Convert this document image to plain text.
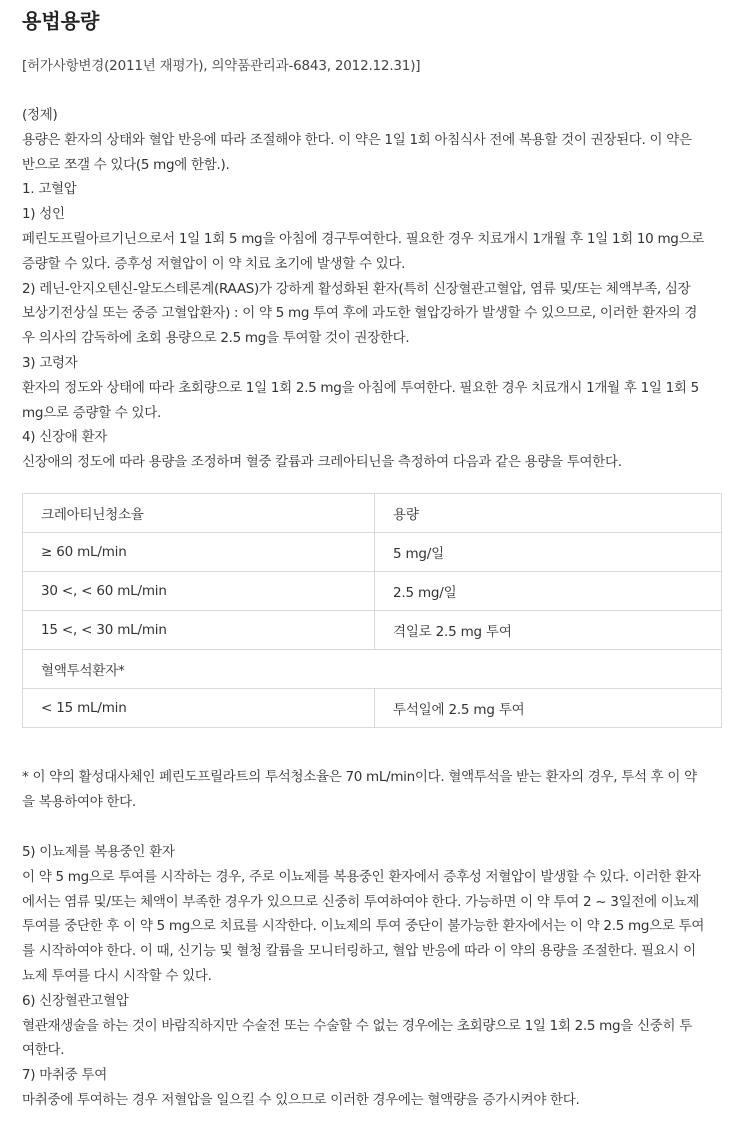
용법용량
[허가사항변경(2011년 재평가), 의약품관리과-6843, 2012.12.31)]
(정제)
용량은 환자의 상태와 혈압 반응에 따라 조절해야 한다. 이 약은 1일 1회 아침식사 전에 복용할 것이 권장된다. 이 약은
반으로 쪼갤 수 있다(5 mg에 한함.).
1. 고혈압
1) 성인
페린도프릴아르기닌으로서 1일 1회 5 mg을 아침에 경구투여한다. 필요한 경우 치료개시 1개월 후 1일 1회 10 mg으로
증량할 수 있다. 증후성 저혈압이 이 약 치료 초기에 발생할 수 있다.
2) 레닌-안지오텐신-알도스테론계(RAAS)가 강하게 활성화된 환자(특히 신장혈관고혈압, 염류 및/또는 체액부족, 심장
보상기전상실 또는 중증 고혈압환자) : 이 약 5 mg 투여 후에 과도한 혈압강하가 발생할 수 있으므로, 이러한 환자의 경
우 의사의 감독하에 초회 용량으로 2.5 mg을 투여할 것이 권장한다.
3) 고령자
환자의 정도와 상태에 따라 초회량으로 1일 1회 2.5 mg을 아침에 투여한다. 필요한 경우 치료개시 1개월 후 1일 1회 5
mg으로 증량할 수 있다.
4) 신장애 환자
신장애의 정도에 따라 용량을 조정하며 혈중 칼륨과 크레아티닌을 측정하여 다음과 같은 용량을 투여한다.
크레아티닌청소율	용량
≥ 60 mL/min	5 mg/일
30 <, < 60 mL/min	2.5 mg/일
15 <, < 30 mL/min	격일로 2.5 mg 투여
혈액투석환자*	
< 15 mL/min	투석일에 2.5 mg 투여
* 이 약의 활성대사체인 페린도프릴라트의 투석청소율은 70 mL/min이다. 혈액투석을 받는 환자의 경우, 투석 후 이 약
을 복용하여야 한다.
5) 이뇨제를 복용중인 환자
이 약 5 mg으로 투여를 시작하는 경우, 주로 이뇨제를 복용중인 환자에서 증후성 저혈압이 발생할 수 있다. 이러한 환자
에서는 염류 및/또는 체액이 부족한 경우가 있으므로 신중히 투여하여야 한다. 가능하면 이 약 투여 2 ~ 3일전에 이뇨제
투여를 중단한 후 이 약 5 mg으로 치료를 시작한다. 이뇨제의 투여 중단이 불가능한 환자에서는 이 약 2.5 mg으로 투여
를 시작하여야 한다. 이 때, 신기능 및 혈청 칼륨을 모니터링하고, 혈압 반응에 따라 이 약의 용량을 조절한다. 필요시 이
뇨제 투여를 다시 시작할 수 있다.
6) 신장혈관고혈압
혈관재생술을 하는 것이 바람직하지만 수술전 또는 수술할 수 없는 경우에는 초회량으로 1일 1회 2.5 mg을 신중히 투
여한다.
7) 마취중 투여
마취중에 투여하는 경우 저혈압을 일으킬 수 있으므로 이러한 경우에는 혈액량을 증가시켜야 한다.
